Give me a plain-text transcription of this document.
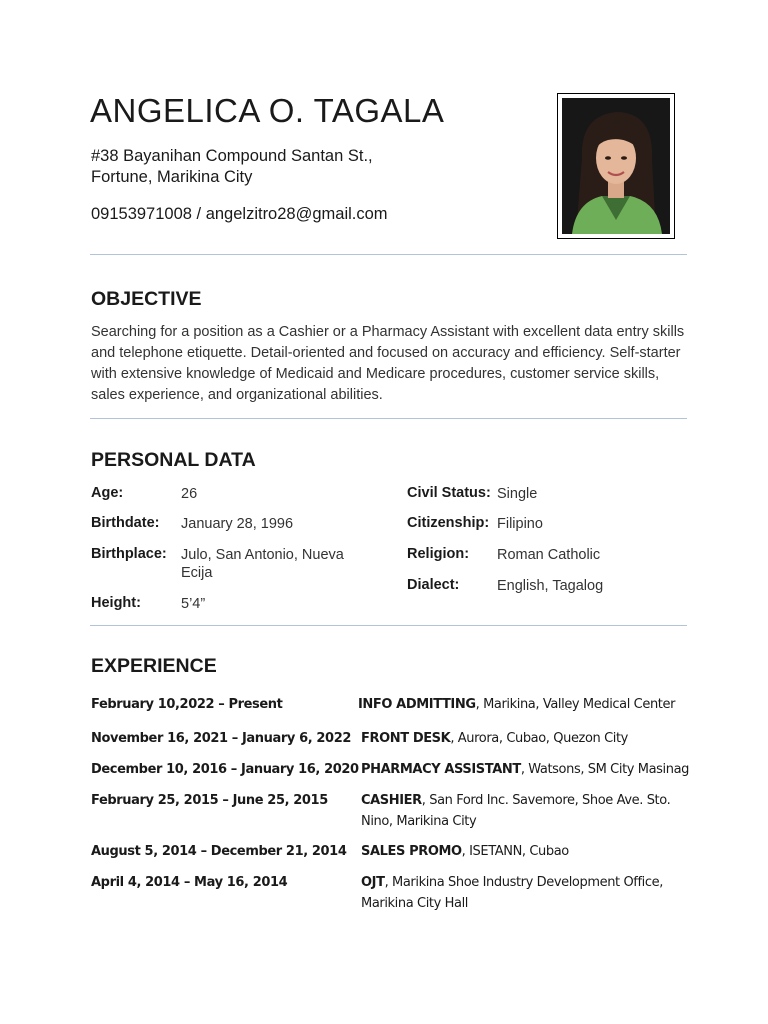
ANGELICA O. TAGALA
#38 Bayanihan Compound Santan St.,
Fortune, Marikina City
09153971008 / angelzitro28@gmail.com
OBJECTIVE
Searching for a position as a Cashier or a Pharmacy Assistant with excellent data entry skills and telephone etiquette. Detail-oriented and focused on accuracy and efficiency. Self-starter with extensive knowledge of Medicaid and Medicare procedures, customer service skills, sales experience, and organizational abilities.
PERSONAL DATA
Age:	26
Birthdate: January 28, 1996
Birthplace: Julo, San Antonio, Nueva Ecija
Height:	5’4”
Civil Status: Single
Citizenship: Filipino
Religion: Roman Catholic
Dialect:	English, Tagalog
EXPERIENCE
February 10,2022 – Present	INFO ADMITTING, Marikina, Valley Medical Center
November 16, 2021 – January 6, 2022 FRONT DESK, Aurora, Cubao, Quezon City
December 10, 2016 – January 16, 2020 PHARMACY ASSISTANT, Watsons, SM City Masinag
February 25, 2015 – June 25, 2015	CASHIER, San Ford Inc. Savemore, Shoe Ave. Sto. Nino, Marikina City
August 5, 2014 – December 21, 2014 SALES PROMO, ISETANN, Cubao
April 4, 2014 – May 16, 2014	OJT, Marikina Shoe Industry Development Office, Marikina City Hall
